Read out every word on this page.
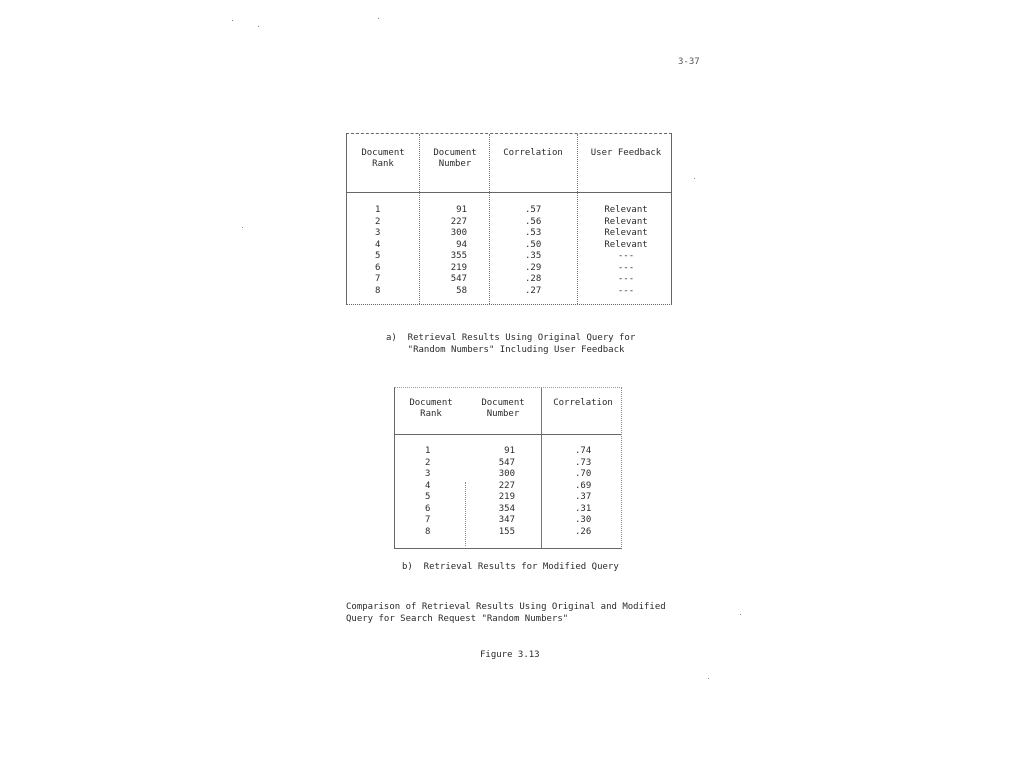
3-37
Document
Rank
Document
Number
Correlation	User Feedback
1
2
3
4
5
6
7
8
91
227
300
94
355
219
547
58
.57
.56
.53
.50
.35
.29
.28
.27
Relevant
Relevant
Relevant
Relevant
---
---
---
---
a)  Retrieval Results Using Original Query for
"Random Numbers" Including User Feedback
Document
Rank
Document
Number
Correlation
1
2
3
4
5
6
7
8
91
547
300
227
219
354
347
155
.74
.73
.70
.69
.37
.31
.30
.26
b)  Retrieval Results for Modified Query
Comparison of Retrieval Results Using Original and Modified
Query for Search Request "Random Numbers"
Figure 3.13
